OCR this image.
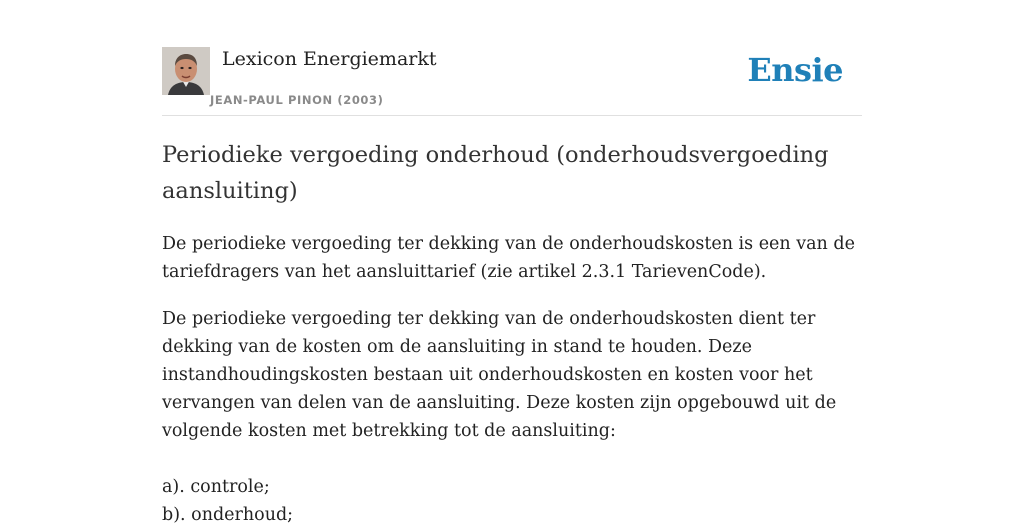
Lexicon Energiemarkt
JEAN-PAUL PINON (2003)
Ensie
Periodieke vergoeding onderhoud (onderhoudsvergoeding aansluiting)

De periodieke vergoeding ter dekking van de onderhoudskosten is een van de tariefdragers van het aansluittarief (zie artikel 2.3.1 TarievenCode).

De periodieke vergoeding ter dekking van de onderhoudskosten dient ter dekking van de kosten om de aansluiting in stand te houden. Deze instandhoudingskosten bestaan uit onderhoudskosten en kosten voor het vervangen van delen van de aansluiting. Deze kosten zijn opgebouwd uit de volgende kosten met betrekking tot de aansluiting:

a). controle;
b). onderhoud;
